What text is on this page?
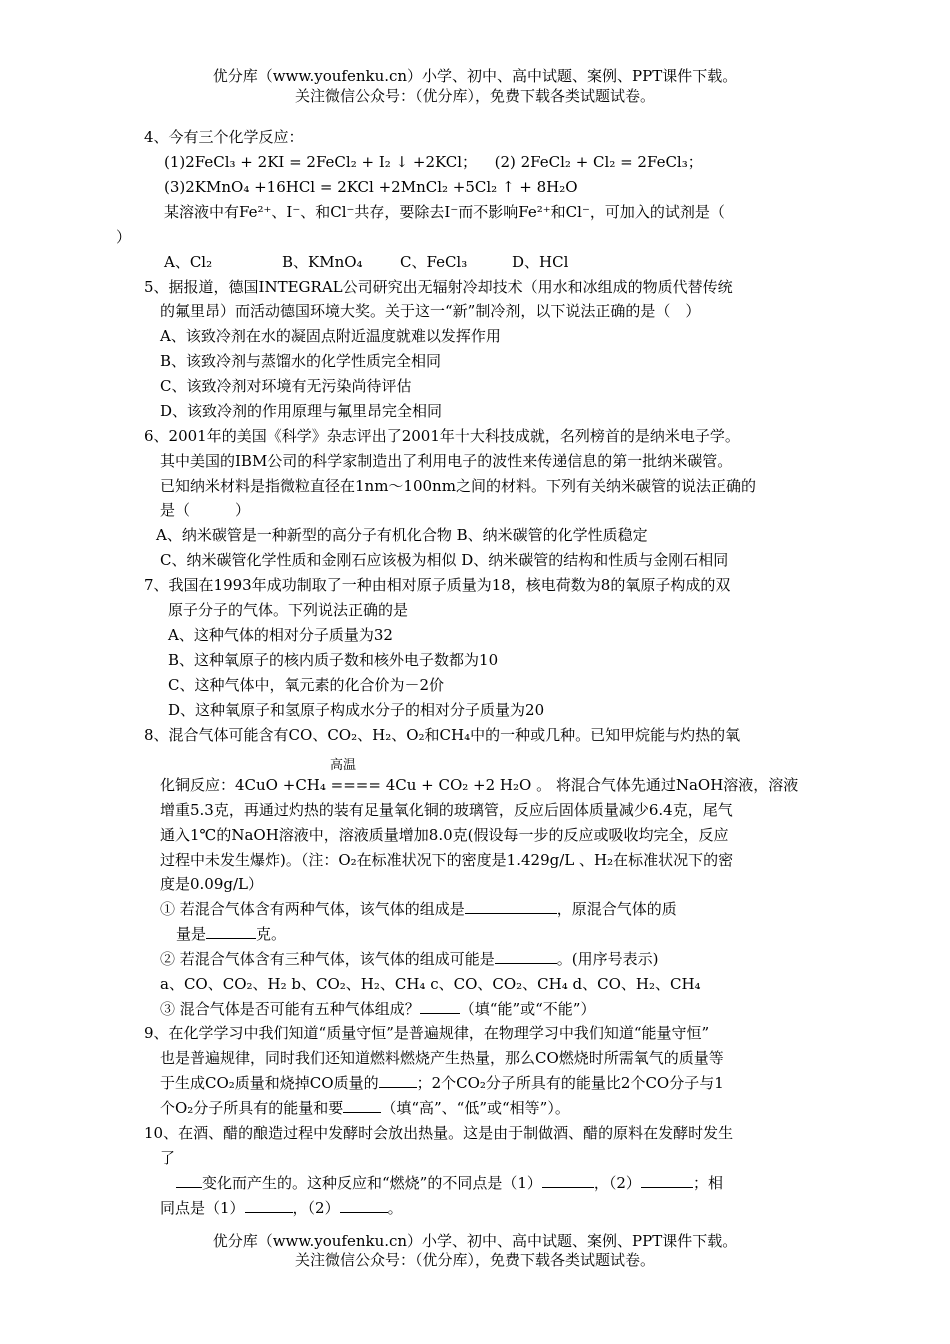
优分库（www.youfenku.cn）小学、初中、高中试题、案例、PPT课件下载。
关注微信公众号：（优分库），免费下载各类试题试卷。
4、今有三个化学反应：
(1)2FeCl₃ + 2KI = 2FeCl₂ + I₂ ↓ +2KCl； (2) 2FeCl₂ + Cl₂ = 2FeCl₃；
(3)2KMnO₄ +16HCl = 2KCl +2MnCl₂ +5Cl₂ ↑ + 8H₂O
某溶液中有Fe²⁺、I⁻、和Cl⁻共存，要除去I⁻而不影响Fe²⁺和Cl⁻，可加入的试剂是（
）
A、Cl₂	B、KMnO₄ C、FeCl₃	D、HCl
5、据报道，德国INTEGRAL公司研究出无辐射冷却技术（用水和冰组成的物质代替传统
的氟里昂）而活动德国环境大奖。关于这一“新”制冷剂，以下说法正确的是（　）
A、该致冷剂在水的凝固点附近温度就难以发挥作用
B、该致冷剂与蒸馏水的化学性质完全相同
C、该致冷剂对环境有无污染尚待评估
D、该致冷剂的作用原理与氟里昂完全相同
6、2001年的美国《科学》杂志评出了2001年十大科技成就，名列榜首的是纳米电子学。
其中美国的IBM公司的科学家制造出了利用电子的波性来传递信息的第一批纳米碳管。
已知纳米材料是指微粒直径在1nm～100nm之间的材料。下列有关纳米碳管的说法正确的
是（　　　）
A、纳米碳管是一种新型的高分子有机化合物 B、纳米碳管的化学性质稳定
C、纳米碳管化学性质和金刚石应该极为相似 D、纳米碳管的结构和性质与金刚石相同
7、我国在1993年成功制取了一种由相对原子质量为18，核电荷数为8的氧原子构成的双
原子分子的气体。下列说法正确的是
A、这种气体的相对分子质量为32
B、这种氧原子的核内质子数和核外电子数都为10
C、这种气体中，氧元素的化合价为－2价
D、这种氧原子和氢原子构成水分子的相对分子质量为20
8、混合气体可能含有CO、CO₂、H₂、O₂和CH₄中的一种或几种。已知甲烷能与灼热的氧
高温
化铜反应：4CuO +CH₄ ==== 4Cu + CO₂ +2 H₂O 。 将混合气体先通过NaOH溶液，溶液
增重5.3克，再通过灼热的装有足量氧化铜的玻璃管，反应后固体质量减少6.4克，尾气
通入1℃的NaOH溶液中，溶液质量增加8.0克(假设每一步的反应或吸收均完全，反应
过程中未发生爆炸)。（注：O₂在标准状况下的密度是1.429g/L 、H₂在标准状况下的密
度是0.09g/L）
① 若混合气体含有两种气体，该气体的组成是	，原混合气体的质
量是	克。
② 若混合气体含有三种气体，该气体的组成可能是	。(用序号表示)
a、CO、CO₂、H₂ b、CO₂、H₂、CH₄ c、CO、CO₂、CH₄ d、CO、H₂、CH₄
③ 混合气体是否可能有五种气体组成？	（填“能”或“不能”）
9、在化学学习中我们知道“质量守恒”是普遍规律，在物理学习中我们知道“能量守恒”
也是普遍规律，同时我们还知道燃料燃烧产生热量，那么CO燃烧时所需氧气的质量等
于生成CO₂质量和烧掉CO质量的	；2个CO₂分子所具有的能量比2个CO分子与1
个O₂分子所具有的能量和要	（填“高”、“低”或“相等”）。
10、在酒、醋的酿造过程中发酵时会放出热量。这是由于制做酒、醋的原料在发酵时发生
了
变化而产生的。这种反应和“燃烧”的不同点是（1）	，（2）	；相
同点是（1）	，（2）	。
优分库（www.youfenku.cn）小学、初中、高中试题、案例、PPT课件下载。
关注微信公众号：（优分库），免费下载各类试题试卷。
